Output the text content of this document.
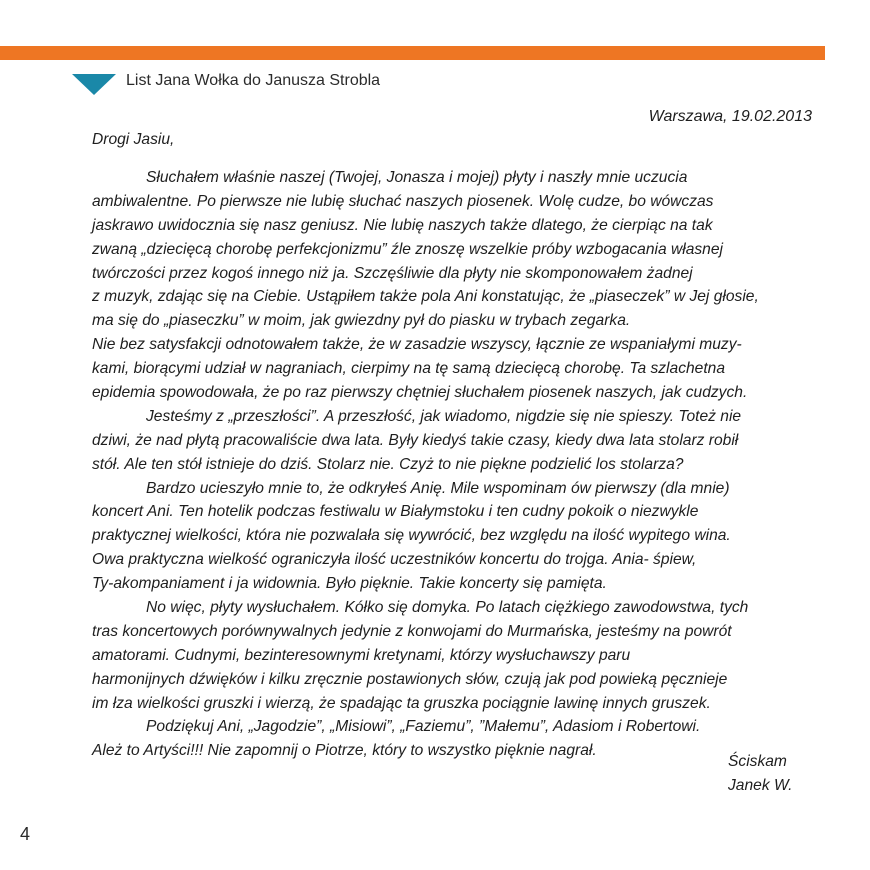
List Jana Wołka do Janusza Strobla
Warszawa, 19.02.2013
Drogi Jasiu,
Słuchałem właśnie naszej (Twojej, Jonasza i mojej) płyty i naszły mnie uczucia
ambiwalentne. Po pierwsze nie lubię słuchać naszych piosenek. Wolę cudze, bo wówczas
jaskrawo uwidocznia się nasz geniusz. Nie lubię naszych także dlatego, że cierpiąc na tak
zwaną „dziecięcą chorobę perfekcjonizmu” źle znoszę wszelkie próby wzbogacania własnej
twórczości przez kogoś innego niż ja. Szczęśliwie dla płyty nie skomponowałem żadnej
z muzyk, zdając się na Ciebie. Ustąpiłem także pola Ani konstatując, że „piaseczek” w Jej głosie,
ma się do „piaseczku” w moim, jak gwiezdny pył do piasku w trybach zegarka.
Nie bez satysfakcji odnotowałem także, że w zasadzie wszyscy, łącznie ze wspaniałymi muzy-
kami, biorącymi udział w nagraniach, cierpimy na tę samą dziecięcą chorobę. Ta szlachetna
epidemia spowodowała, że po raz pierwszy chętniej słuchałem piosenek naszych, jak cudzych.
Jesteśmy z „przeszłości”. A przeszłość, jak wiadomo, nigdzie się nie spieszy. Toteż nie
dziwi, że nad płytą pracowaliście dwa lata. Były kiedyś takie czasy, kiedy dwa lata stolarz robił
stół. Ale ten stół istnieje do dziś. Stolarz nie. Czyż to nie piękne podzielić los stolarza?
Bardzo ucieszyło mnie to, że odkryłeś Anię. Mile wspominam ów pierwszy (dla mnie)
koncert Ani. Ten hotelik podczas festiwalu w Białymstoku i ten cudny pokoik o niezwykle
praktycznej wielkości, która nie pozwalała się wywrócić, bez względu na ilość wypitego wina.
Owa praktyczna wielkość ograniczyła ilość uczestników koncertu do trojga. Ania- śpiew,
Ty-akompaniament i ja widownia. Było pięknie. Takie koncerty się pamięta.
No więc, płyty wysłuchałem. Kółko się domyka. Po latach ciężkiego zawodowstwa, tych
tras koncertowych porównywalnych jedynie z konwojami do Murmańska, jesteśmy na powrót
amatorami. Cudnymi, bezinteresownymi kretynami, którzy wysłuchawszy paru
harmonijnych dźwięków i kilku zręcznie postawionych słów, czują jak pod powieką pęcznieje
im łza wielkości gruszki i wierzą, że spadając ta gruszka pociągnie lawinę innych gruszek.
Podziękuj Ani, „Jagodzie”, „Misiowi”, „Faziemu”, ”Małemu”, Adasiom i Robertowi.
Ależ to Artyści!!! Nie zapomnij o Piotrze, który to wszystko pięknie nagrał.
Ściskam
Janek W.
4
